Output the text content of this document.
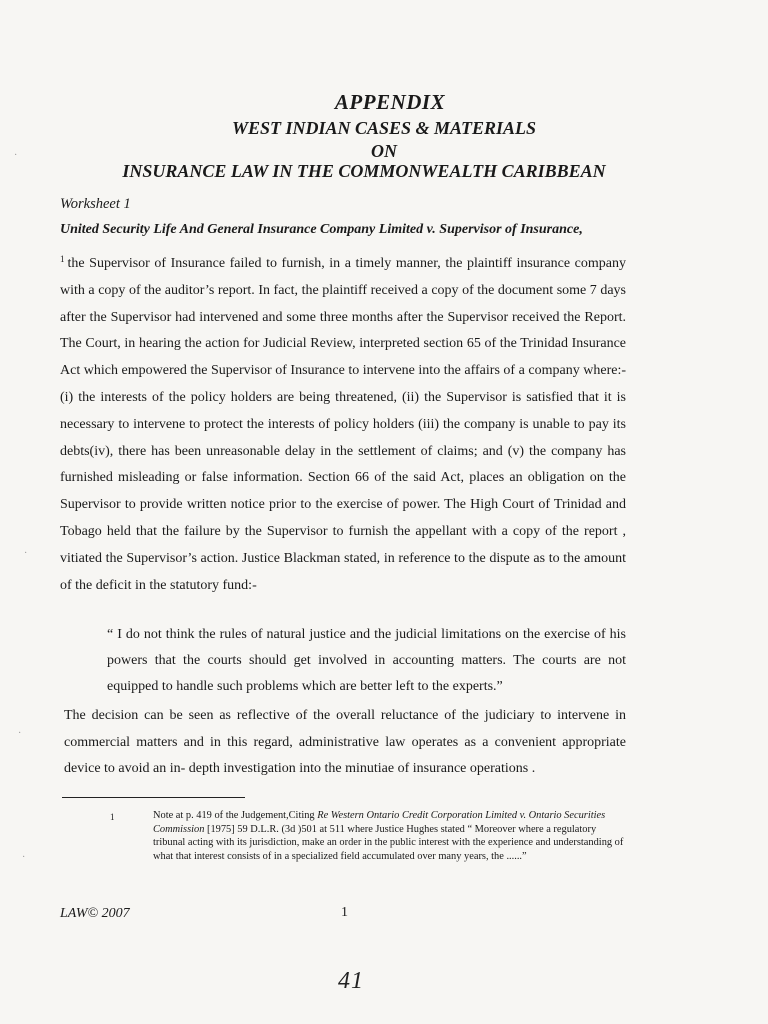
APPENDIX
WEST INDIAN CASES & MATERIALS
ON
INSURANCE LAW IN THE COMMONWEALTH CARIBBEAN

Worksheet 1

United Security Life And General Insurance Company Limited v. Supervisor of Insurance,

$^1$ the Supervisor of Insurance failed to furnish, in a timely manner, the plaintiff insurance company with a copy of the auditor’s report. In fact, the plaintiff received a copy of the document some 7 days after the Supervisor had intervened and some three months after the Supervisor received the Report. The Court, in hearing the action for Judicial Review, interpreted section 65 of the Trinidad Insurance Act which empowered the Supervisor of Insurance to intervene into the affairs of a company where:-(i) the interests of the policy holders are being threatened, (ii) the Supervisor is satisfied that it is necessary to intervene to protect the interests of policy holders (iii) the company is unable to pay its debts(iv), there has been unreasonable delay in the settlement of claims; and (v) the company has furnished misleading or false information. Section 66 of the said Act, places an obligation on the Supervisor to provide written notice prior to the exercise of power. The High Court of Trinidad and Tobago held that the failure by the Supervisor to furnish the appellant with a copy of the report , vitiated the Supervisor’s action. Justice Blackman stated, in reference to the dispute as to the amount of the deficit in the statutory fund:-

“ I do not think the rules of natural justice and the judicial limitations on the exercise of his powers that the courts should get involved in accounting matters. The courts are not equipped to handle such problems which are better left to the experts.”

The decision can be seen as reflective of the overall reluctance of the judiciary to intervene in commercial matters and in this regard, administrative law operates as a convenient appropriate device to avoid an in- depth investigation into the minutiae of insurance operations .

1	Note at p. 419 of the Judgement,Citing Re Western Ontario Credit Corporation Limited v. Ontario Securities Commission [1975] 59 D.L.R. (3d )501 at 511 where Justice Hughes stated “ Moreover where a regulatory tribunal acting with its jurisdiction, make an order in the public interest with the experience and understanding of what that interest consists of in a specialized field accumulated over many years, the ......”

LAW© 2007	1
41
·
·
·
·
